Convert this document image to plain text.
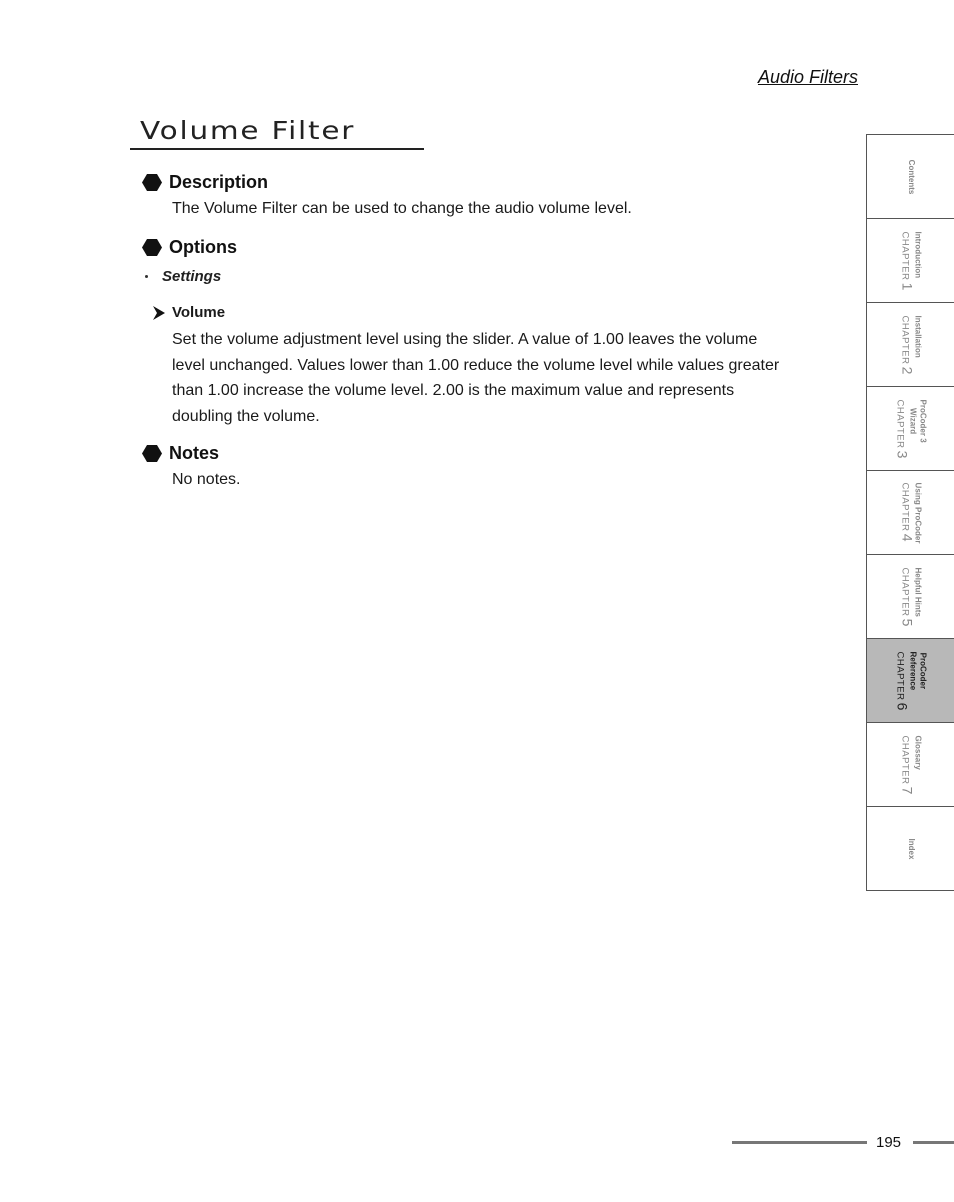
Audio Filters
Volume Filter
Description
The Volume Filter can be used to change the audio volume level.
Options
Settings
Volume
Set the volume adjustment level using the slider. A value of 1.00 leaves the volume
level unchanged. Values lower than 1.00 reduce the volume level while values greater
than 1.00 increase the volume level. 2.00 is the maximum value and represents
doubling the volume.
Notes
No notes.
Contents
CHAPTER 1
Introduction
CHAPTER 2
Installation
CHAPTER 3
ProCoder 3
Wizard
CHAPTER 4
Using ProCoder
CHAPTER 5
Helpful Hints
CHAPTER 6
ProCoder
Reference
CHAPTER 7
Glossary
Index
195
